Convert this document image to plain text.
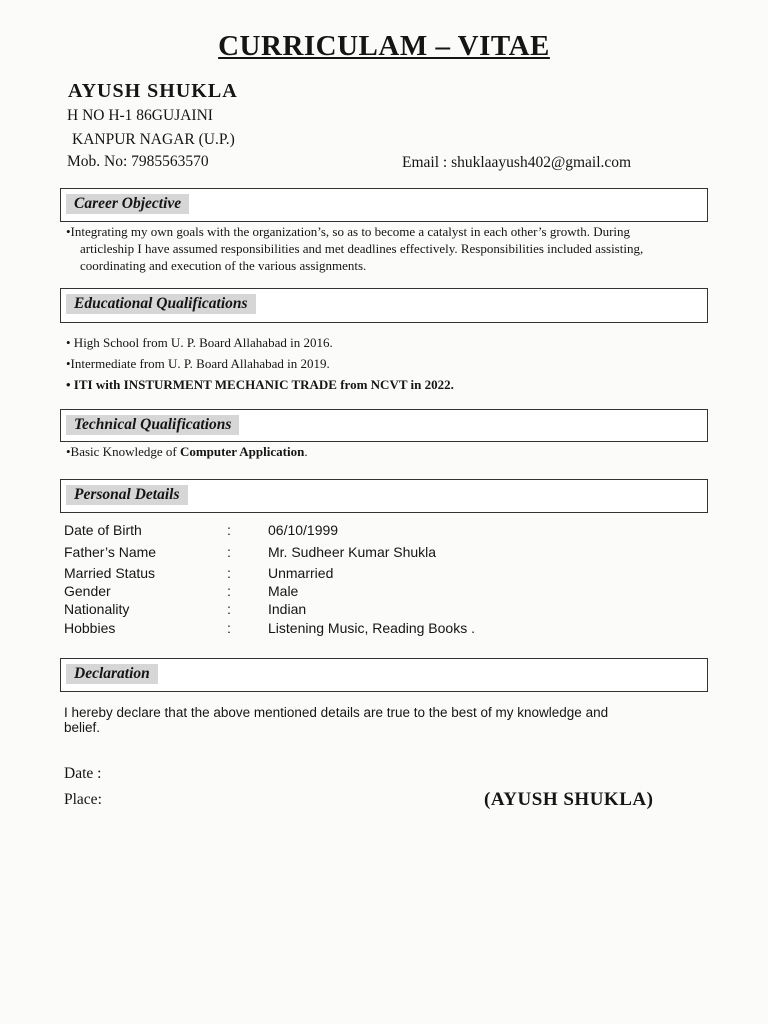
CURRICULAM – VITAE
AYUSH SHUKLA
H NO H-1 86GUJAINI
KANPUR NAGAR (U.P.)
Mob. No: 7985563570	Email : shuklaayush402@gmail.com
Career Objective
•Integrating my own goals with the organization’s, so as to become a catalyst in each other’s growth. During
articleship I have assumed responsibilities and met deadlines effectively. Responsibilities included assisting,
coordinating and execution of the various assignments.
Educational Qualifications
• High School from U. P. Board Allahabad in 2016.
•Intermediate from U. P. Board Allahabad in 2019.
• ITI with INSTURMENT MECHANIC TRADE from NCVT in 2022.
Technical Qualifications
•Basic Knowledge of Computer Application.
Personal Details
Date of Birth	:	06/10/1999
Father’s Name	:	Mr. Sudheer Kumar Shukla
Married Status	:	Unmarried
Gender	:	Male
Nationality	:	Indian
Hobbies	:	Listening Music, Reading Books .
Declaration
I hereby declare that the above mentioned details are true to the best of my knowledge and
belief.
Date :
Place:	(AYUSH SHUKLA)
